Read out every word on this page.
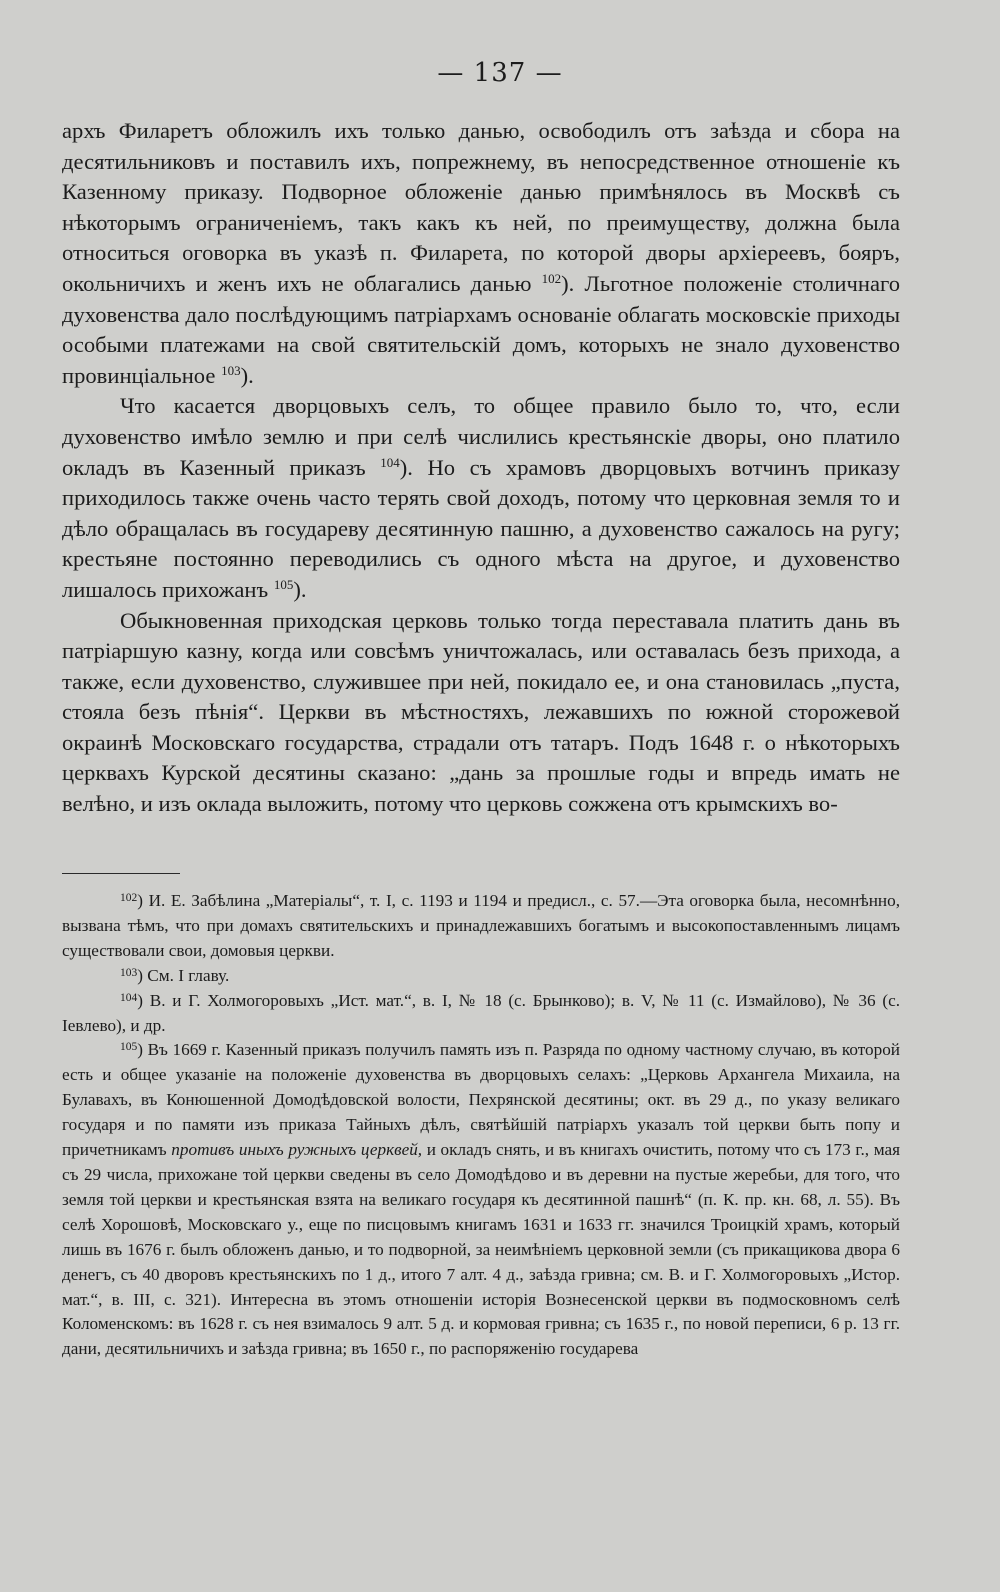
— 137 —

архъ Филаретъ обложилъ ихъ только данью, освободилъ отъ заѣзда и сбора на десятильниковъ и поставилъ ихъ, попрежнему, въ непосредственное отношеніе къ Казенному приказу. Подворное обложеніе данью примѣнялось въ Москвѣ съ нѣкоторымъ ограниченіемъ, такъ какъ къ ней, по преимуществу, должна была относиться оговорка въ указѣ п. Филарета, по которой дворы архіереевъ, бояръ, окольничихъ и женъ ихъ не облагались данью $^{102}$). Льготное положеніе столичнаго духовенства дало послѣдующимъ патріархамъ основаніе облагать московскіе приходы особыми платежами на свой святительскій домъ, которыхъ не знало духовенство провинціальное $^{103}$).

Что касается дворцовыхъ селъ, то общее правило было то, что, если духовенство имѣло землю и при селѣ числились крестьянскіе дворы, оно платило окладъ въ Казенный приказъ $^{104}$). Но съ храмовъ дворцовыхъ вотчинъ приказу приходилось также очень часто терять свой доходъ, потому что церковная земля то и дѣло обращалась въ государеву десятинную пашню, а духовенство сажалось на ругу; крестьяне постоянно переводились съ одного мѣста на другое, и духовенство лишалось прихожанъ $^{105}$).

Обыкновенная приходская церковь только тогда переставала платить дань въ патріаршую казну, когда или совсѣмъ уничтожалась, или оставалась безъ прихода, а также, если духовенство, служившее при ней, покидало ее, и она становилась „пуста, стояла безъ пѣнія“. Церкви въ мѣстностяхъ, лежавшихъ по южной сторожевой окраинѣ Московскаго государства, страдали отъ татаръ. Подъ 1648 г. о нѣкоторыхъ церквахъ Курской десятины сказано: „дань за прошлые годы и впредь имать не велѣно, и изъ оклада выложить, потому что церковь сожжена отъ крымскихъ во-

$^{102}$) И. Е. Забѣлина „Матеріалы“, т. I, с. 1193 и 1194 и предисл., с. 57.—Эта оговорка была, несомнѣнно, вызвана тѣмъ, что при домахъ святительскихъ и принадлежавшихъ богатымъ и высокопоставленнымъ лицамъ существовали свои, домовыя церкви.

$^{103}$) См. I главу.

$^{104}$) В. и Г. Холмогоровыхъ „Ист. мат.“, в. I, № 18 (с. Брынково); в. V, № 11 (с. Измайлово), № 36 (с. Іевлево), и др.

$^{105}$) Въ 1669 г. Казенный приказъ получилъ память изъ п. Разряда по одному частному случаю, въ которой есть и общее указаніе на положеніе духовенства въ дворцовыхъ селахъ: „Церковь Архангела Михаила, на Булавахъ, въ Конюшенной Домодѣдовской волости, Пехрянской десятины; окт. въ 29 д., по указу великаго государя и по памяти изъ приказа Тайныхъ дѣлъ, святѣйшій патріархъ указалъ той церкви быть попу и причетникамъ противъ иныхъ ружныхъ церквей, и окладъ снять, и въ книгахъ очистить, потому что съ 173 г., мая съ 29 числа, прихожане той церкви сведены въ село Домодѣдово и въ деревни на пустые жеребьи, для того, что земля той церкви и крестьянская взята на великаго государя къ десятинной пашнѣ“ (п. К. пр. кн. 68, л. 55). Въ селѣ Хорошовѣ, Московскаго у., еще по писцовымъ книгамъ 1631 и 1633 гг. значился Троицкій храмъ, который лишь въ 1676 г. былъ обложенъ данью, и то подворной, за неимѣніемъ церковной земли (съ прикащикова двора 6 денегъ, съ 40 дворовъ крестьянскихъ по 1 д., итого 7 алт. 4 д., заѣзда гривна; см. В. и Г. Холмогоровыхъ „Истор. мат.“, в. III, с. 321). Интересна въ этомъ отношеніи исторія Вознесенской церкви въ подмосковномъ селѣ Коломенскомъ: въ 1628 г. съ нея взималось 9 алт. 5 д. и кормовая гривна; съ 1635 г., по новой переписи, 6 р. 13 гг. дани, десятильничихъ и заѣзда гривна; въ 1650 г., по распоряженію государева
